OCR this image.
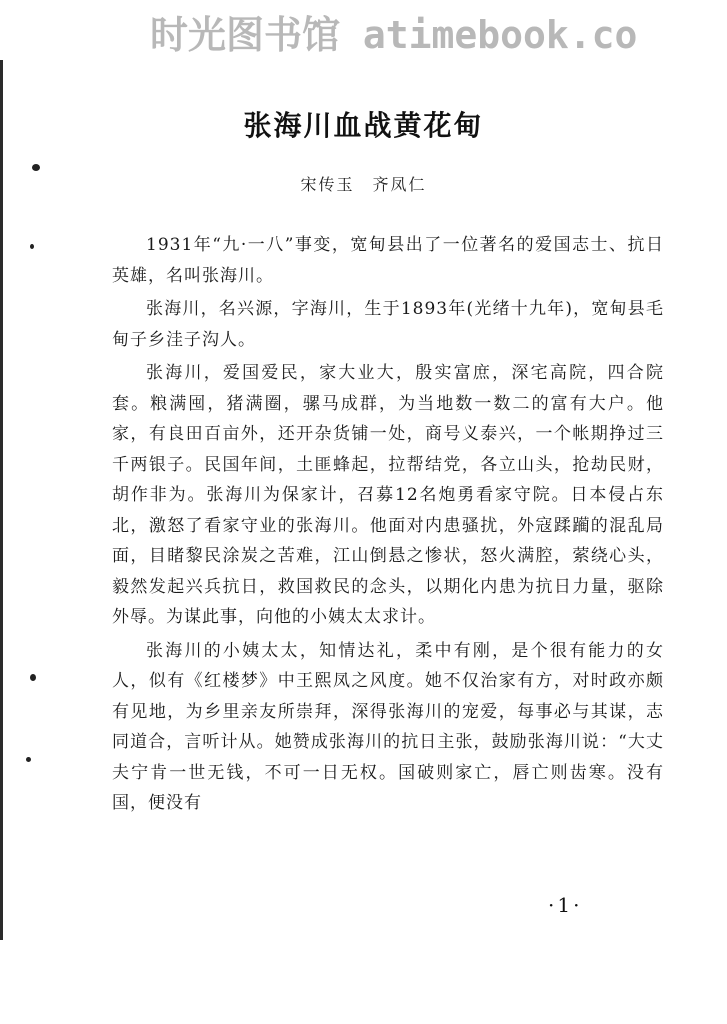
时光图书馆 atimebook.co
张海川血战黄花甸
宋传玉　齐凤仁

1931年“九·一八”事变，宽甸县出了一位著名的爱国志士、抗日英雄，名叫张海川。

张海川，名兴源，字海川，生于1893年(光绪十九年)，宽甸县毛甸子乡洼子沟人。

张海川，爱国爱民，家大业大，殷实富庶，深宅高院，四合院套。粮满囤，猪满圈，骡马成群，为当地数一数二的富有大户。他家，有良田百亩外，还开杂货铺一处，商号义泰兴，一个帐期挣过三千两银子。民国年间，土匪蜂起，拉帮结党，各立山头，抢劫民财，胡作非为。张海川为保家计，召募12名炮勇看家守院。日本侵占东北，激怒了看家守业的张海川。他面对内患骚扰，外寇蹂躏的混乱局面，目睹黎民涂炭之苦难，江山倒悬之惨状，怒火满腔，萦绕心头，毅然发起兴兵抗日，救国救民的念头，以期化内患为抗日力量，驱除外辱。为谋此事，向他的小姨太太求计。

张海川的小姨太太，知情达礼，柔中有刚，是个很有能力的女人，似有《红楼梦》中王熙凤之风度。她不仅治家有方，对时政亦颇有见地，为乡里亲友所崇拜，深得张海川的宠爱，每事必与其谋，志同道合，言听计从。她赞成张海川的抗日主张，鼓励张海川说：“大丈夫宁肯一世无钱，不可一日无权。国破则家亡，唇亡则齿寒。没有国，便没有

·1·
